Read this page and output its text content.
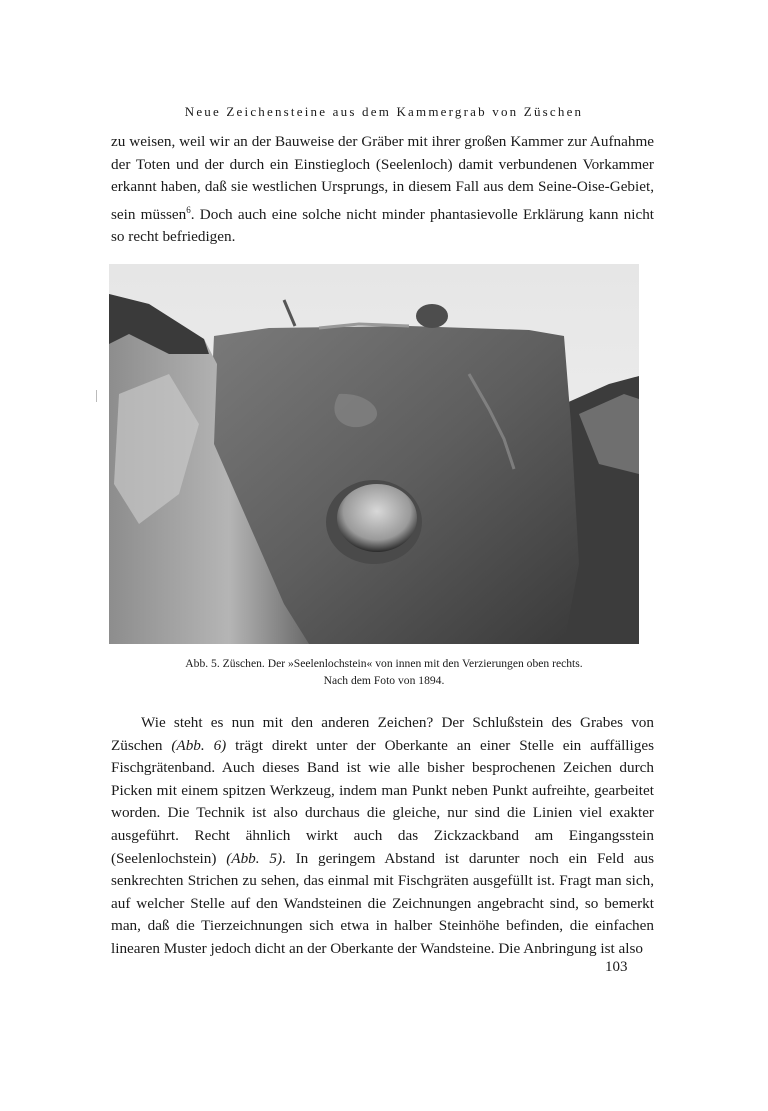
Neue Zeichensteine aus dem Kammergrab von Züschen

zu weisen, weil wir an der Bauweise der Gräber mit ihrer großen Kammer zur Aufnahme der Toten und der durch ein Einstiegloch (Seelenloch) damit verbundenen Vorkammer erkannt haben, daß sie westlichen Ursprungs, in diesem Fall aus dem Seine-Oise-Gebiet, sein müssen$^6$. Doch auch eine solche nicht minder phantasievolle Erklärung kann nicht so recht befriedigen.

Abb. 5. Züschen. Der »Seelenlochstein« von innen mit den Verzierungen oben rechts.
Nach dem Foto von 1894.

Wie steht es nun mit den anderen Zeichen? Der Schlußstein des Grabes von Züschen (Abb. 6) trägt direkt unter der Oberkante an einer Stelle ein auffälliges Fischgrätenband. Auch dieses Band ist wie alle bisher besprochenen Zeichen durch Picken mit einem spitzen Werkzeug, indem man Punkt neben Punkt aufreihte, gearbeitet worden. Die Technik ist also durchaus die gleiche, nur sind die Linien viel exakter ausgeführt. Recht ähnlich wirkt auch das Zickzackband am Eingangsstein (Seelenlochstein) (Abb. 5). In geringem Abstand ist darunter noch ein Feld aus senkrechten Strichen zu sehen, das einmal mit Fischgräten ausgefüllt ist. Fragt man sich, auf welcher Stelle auf den Wandsteinen die Zeichnungen angebracht sind, so bemerkt man, daß die Tierzeichnungen sich etwa in halber Steinhöhe befinden, die einfachen linearen Muster jedoch dicht an der Oberkante der Wandsteine. Die Anbringung ist also

103
